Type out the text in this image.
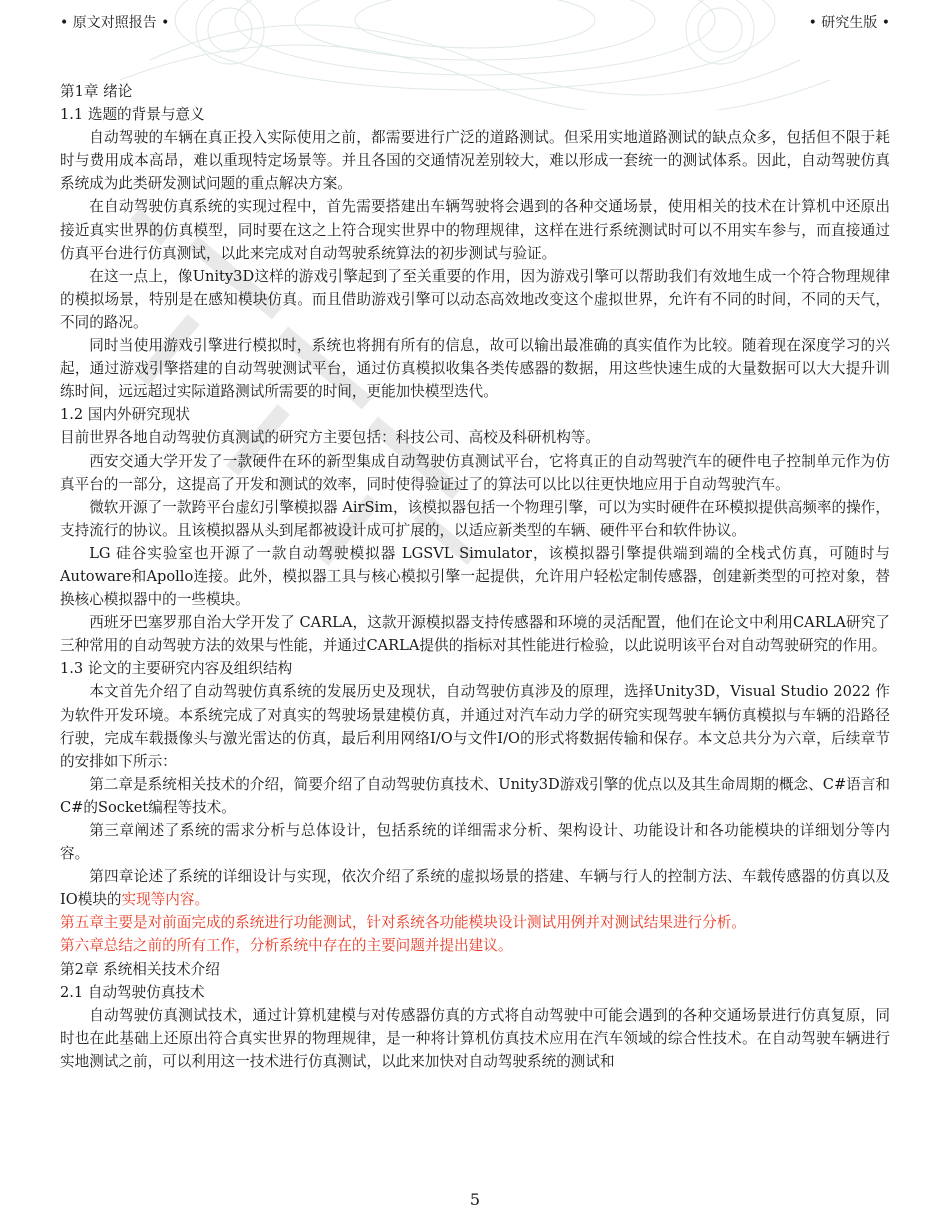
• 原文对照报告 •	• 研究生版 •

第1章 绪论

1.1 选题的背景与意义

自动驾驶的车辆在真正投入实际使用之前，都需要进行广泛的道路测试。但采用实地道路测试的缺点众多，包括但不限于耗时与费用成本高昂，难以重现特定场景等。并且各国的交通情况差别较大，难以形成一套统一的测试体系。因此，自动驾驶仿真系统成为此类研发测试问题的重点解决方案。

在自动驾驶仿真系统的实现过程中，首先需要搭建出车辆驾驶将会遇到的各种交通场景，使用相关的技术在计算机中还原出接近真实世界的仿真模型，同时要在这之上符合现实世界中的物理规律，这样在进行系统测试时可以不用实车参与，而直接通过仿真平台进行仿真测试，以此来完成对自动驾驶系统算法的初步测试与验证。

在这一点上，像Unity3D这样的游戏引擎起到了至关重要的作用，因为游戏引擎可以帮助我们有效地生成一个符合物理规律的模拟场景，特别是在感知模块仿真。而且借助游戏引擎可以动态高效地改变这个虚拟世界，允许有不同的时间，不同的天气，不同的路况。

同时当使用游戏引擎进行模拟时，系统也将拥有所有的信息，故可以输出最准确的真实值作为比较。随着现在深度学习的兴起，通过游戏引擎搭建的自动驾驶测试平台，通过仿真模拟收集各类传感器的数据，用这些快速生成的大量数据可以大大提升训练时间，远远超过实际道路测试所需要的时间，更能加快模型迭代。

1.2 国内外研究现状

目前世界各地自动驾驶仿真测试的研究方主要包括：科技公司、高校及科研机构等。

西安交通大学开发了一款硬件在环的新型集成自动驾驶仿真测试平台，它将真正的自动驾驶汽车的硬件电子控制单元作为仿真平台的一部分，这提高了开发和测试的效率，同时使得验证过了的算法可以比以往更快地应用于自动驾驶汽车。

微软开源了一款跨平台虚幻引擎模拟器 AirSim，该模拟器包括一个物理引擎，可以为实时硬件在环模拟提供高频率的操作，支持流行的协议。且该模拟器从头到尾都被设计成可扩展的，以适应新类型的车辆、硬件平台和软件协议。

LG 硅谷实验室也开源了一款自动驾驶模拟器 LGSVL Simulator，该模拟器引擎提供端到端的全栈式仿真，可随时与Autoware和Apollo连接。此外，模拟器工具与核心模拟引擎一起提供，允许用户轻松定制传感器，创建新类型的可控对象，替换核心模拟器中的一些模块。

西班牙巴塞罗那自治大学开发了 CARLA，这款开源模拟器支持传感器和环境的灵活配置，他们在论文中利用CARLA研究了三种常用的自动驾驶方法的效果与性能，并通过CARLA提供的指标对其性能进行检验，以此说明该平台对自动驾驶研究的作用。

1.3 论文的主要研究内容及组织结构

本文首先介绍了自动驾驶仿真系统的发展历史及现状，自动驾驶仿真涉及的原理，选择Unity3D，Visual Studio 2022 作为软件开发环境。本系统完成了对真实的驾驶场景建模仿真，并通过对汽车动力学的研究实现驾驶车辆仿真模拟与车辆的沿路径行驶，完成车载摄像头与激光雷达的仿真，最后利用网络I/O与文件I/O的形式将数据传输和保存。本文总共分为六章，后续章节的安排如下所示：

第二章是系统相关技术的介绍，简要介绍了自动驾驶仿真技术、Unity3D游戏引擎的优点以及其生命周期的概念、C#语言和C#的Socket编程等技术。

第三章阐述了系统的需求分析与总体设计，包括系统的详细需求分析、架构设计、功能设计和各功能模块的详细划分等内容。

第四章论述了系统的详细设计与实现，依次介绍了系统的虚拟场景的搭建、车辆与行人的控制方法、车载传感器的仿真以及IO模块的实现等内容。

第五章主要是对前面完成的系统进行功能测试，针对系统各功能模块设计测试用例并对测试结果进行分析。

第六章总结之前的所有工作，分析系统中存在的主要问题并提出建议。

第2章 系统相关技术介绍

2.1 自动驾驶仿真技术

自动驾驶仿真测试技术，通过计算机建模与对传感器仿真的方式将自动驾驶中可能会遇到的各种交通场景进行仿真复原，同时也在此基础上还原出符合真实世界的物理规律，是一种将计算机仿真技术应用在汽车领域的综合性技术。在自动驾驶车辆进行实地测试之前，可以利用这一技术进行仿真测试，以此来加快对自动驾驶系统的测试和

5
